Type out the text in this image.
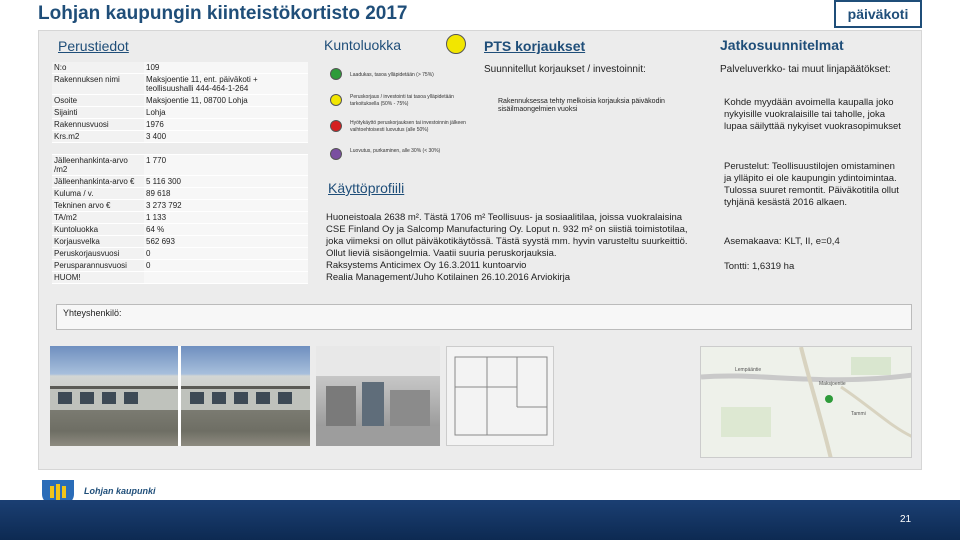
Lohjan kaupungin kiinteistökortisto 2017	päiväkoti
Perustiedot
N:o	109
Rakennuksen nimi	Maksjoentie 11, ent. päiväkoti + teollisuushalli 444-464-1-264
Osoite	Maksjoentie 11, 08700 Lohja
Sijainti	Lohja
Rakennusvuosi	1976
Krs.m2	3 400

Jälleenhankinta-arvo /m2	1 770
Jälleenhankinta-arvo €	5 116 300
Kuluma / v.	89 618
Tekninen arvo €	3 273 792
TA/m2	1 133
Kuntoluokka	64 %
Korjausvelka	562 693
Peruskorjausvuosi	0
Perusparannusvuosi	0
HUOM!	
Kuntoluokka
Laadukas, tasoa ylläpidetään (> 75%)
Peruskorjaus / investointi tai tasoa ylläpidetään tarkoituksella (50% - 75%)
Hyötykäyttö peruskorjauksen tai investoinnin jälkeen vaihtoehtoisesti luovutus (alle 50%)
Luovutus, purkaminen, alle 30% (< 30%)
Käyttöprofiili
Huoneistoala 2638 m². Tästä 1706 m² Teollisuus- ja sosiaalitilaa, joissa vuokralaisina CSE Finland Oy ja Salcomp Manufacturing Oy. Loput n. 932 m² on siistiä toimistotilaa, joka viimeksi on ollut päiväkotikäytössä. Tästä syystä mm. hyvin varusteltu suurkeittiö. Ollut lieviä sisäongelmia. Vaatii suuria peruskorjauksia.
Raksystems Anticimex Oy 16.3.2011 kuntoarvio
Realia Management/Juho Kotilainen 26.10.2016 Arviokirja
PTS korjaukset
Suunnitellut korjaukset / investoinnit:
Rakennuksessa tehty melkoisia korjauksia päiväkodin sisäilmaongelmien vuoksi
Jatkosuunnitelmat
Palveluverkko- tai muut linjapäätökset:
Kohde myydään avoimella kaupalla joko nykyisille vuokralaisille tai taholle, joka lupaa säilyttää nykyiset vuokrasopimukset
Perustelut: Teollisuustilojen omistaminen ja ylläpito ei ole kaupungin ydintoimintaa. Tulossa suuret remontit. Päiväkotitila ollut tyhjänä kesästä 2016 alkaen.
Asemakaava: KLT, II, e=0,4
Tontti: 1,6319 ha
Yhteyshenkilö:
Lempääntie
Maksjoentie
Tammi
Lohjan kaupunki
21
